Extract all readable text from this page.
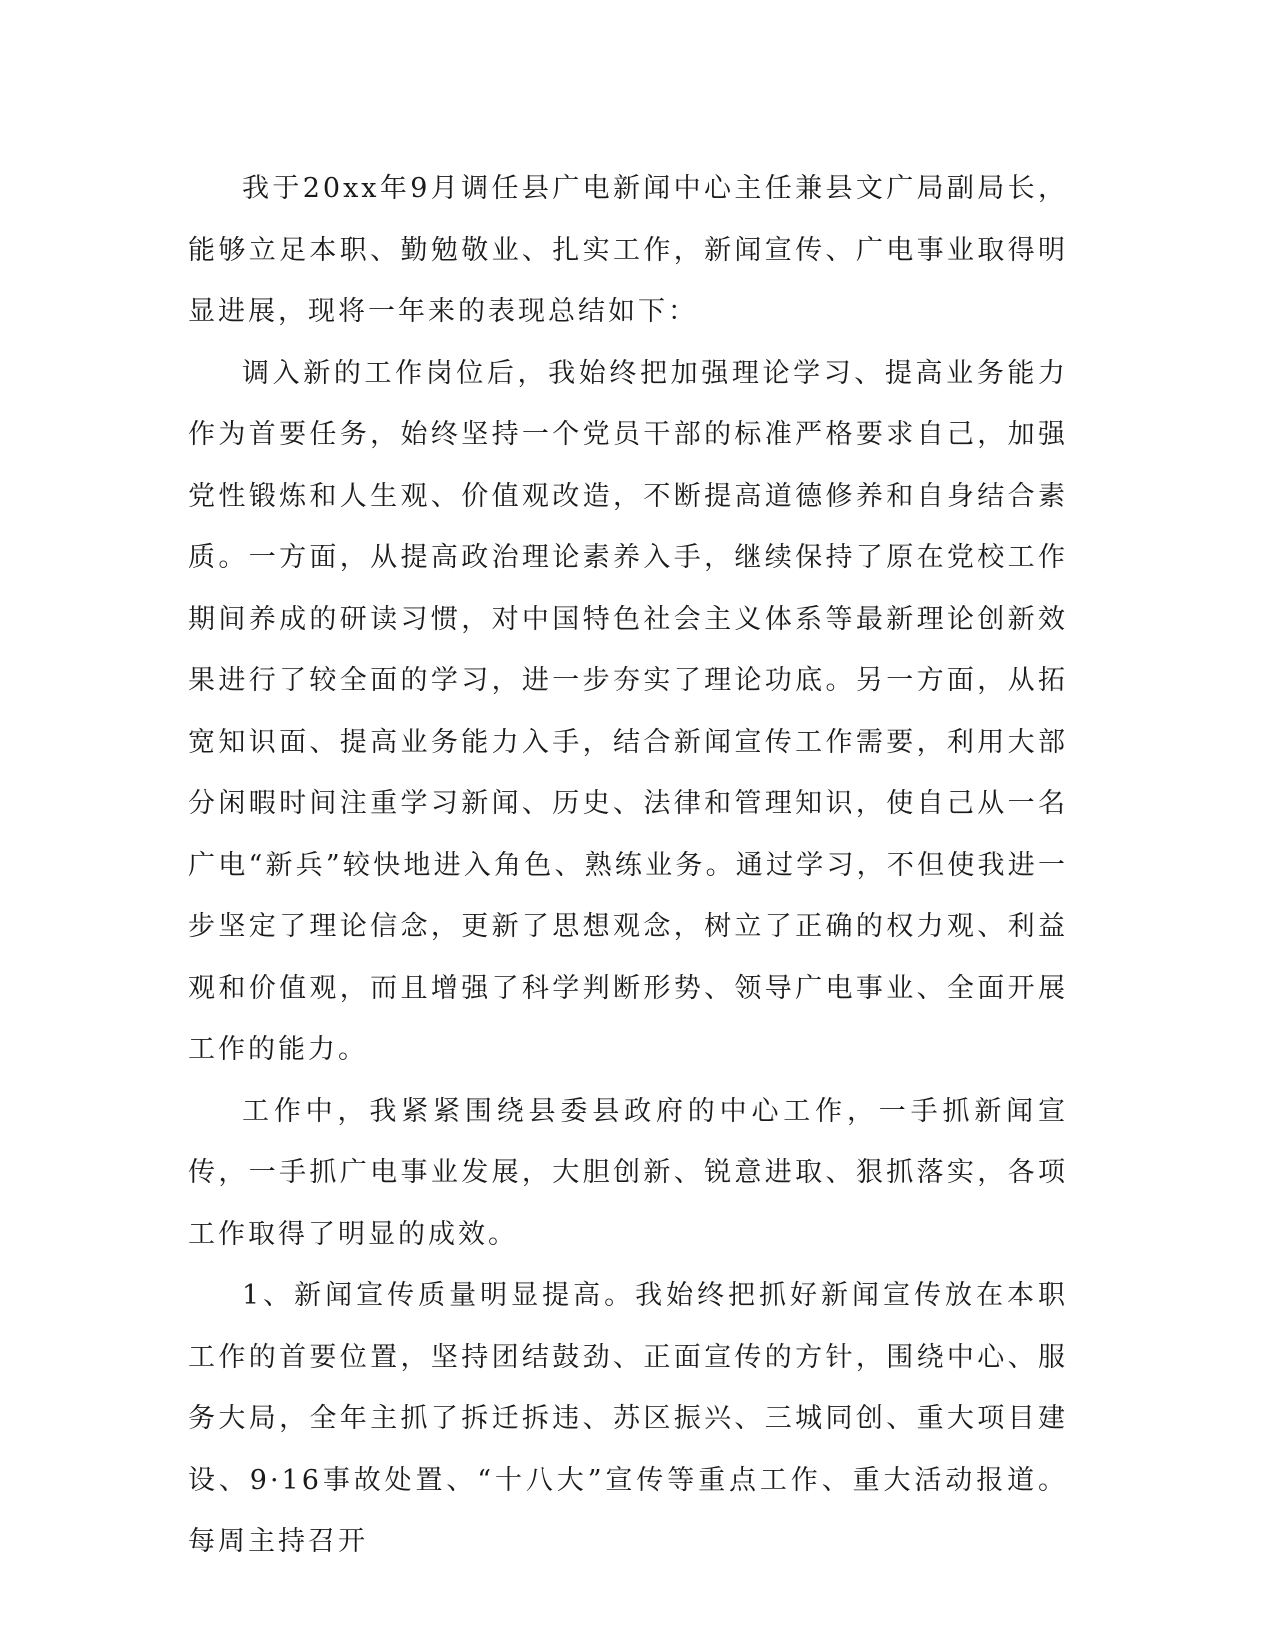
我于20xx年9月调任县广电新闻中心主任兼县文广局副局长，能够立足本职、勤勉敬业、扎实工作，新闻宣传、广电事业取得明显进展，现将一年来的表现总结如下：

调入新的工作岗位后，我始终把加强理论学习、提高业务能力作为首要任务，始终坚持一个党员干部的标准严格要求自己，加强党性锻炼和人生观、价值观改造，不断提高道德修养和自身结合素质。一方面，从提高政治理论素养入手，继续保持了原在党校工作期间养成的研读习惯，对中国特色社会主义体系等最新理论创新效果进行了较全面的学习，进一步夯实了理论功底。另一方面，从拓宽知识面、提高业务能力入手，结合新闻宣传工作需要，利用大部分闲暇时间注重学习新闻、历史、法律和管理知识，使自己从一名广电“新兵”较快地进入角色、熟练业务。通过学习，不但使我进一步坚定了理论信念，更新了思想观念，树立了正确的权力观、利益观和价值观，而且增强了科学判断形势、领导广电事业、全面开展工作的能力。

工作中，我紧紧围绕县委县政府的中心工作，一手抓新闻宣传，一手抓广电事业发展，大胆创新、锐意进取、狠抓落实，各项工作取得了明显的成效。

1、新闻宣传质量明显提高。我始终把抓好新闻宣传放在本职工作的首要位置，坚持团结鼓劲、正面宣传的方针，围绕中心、服务大局，全年主抓了拆迁拆违、苏区振兴、三城同创、重大项目建设、9·16事故处置、“十八大”宣传等重点工作、重大活动报道。每周主持召开
